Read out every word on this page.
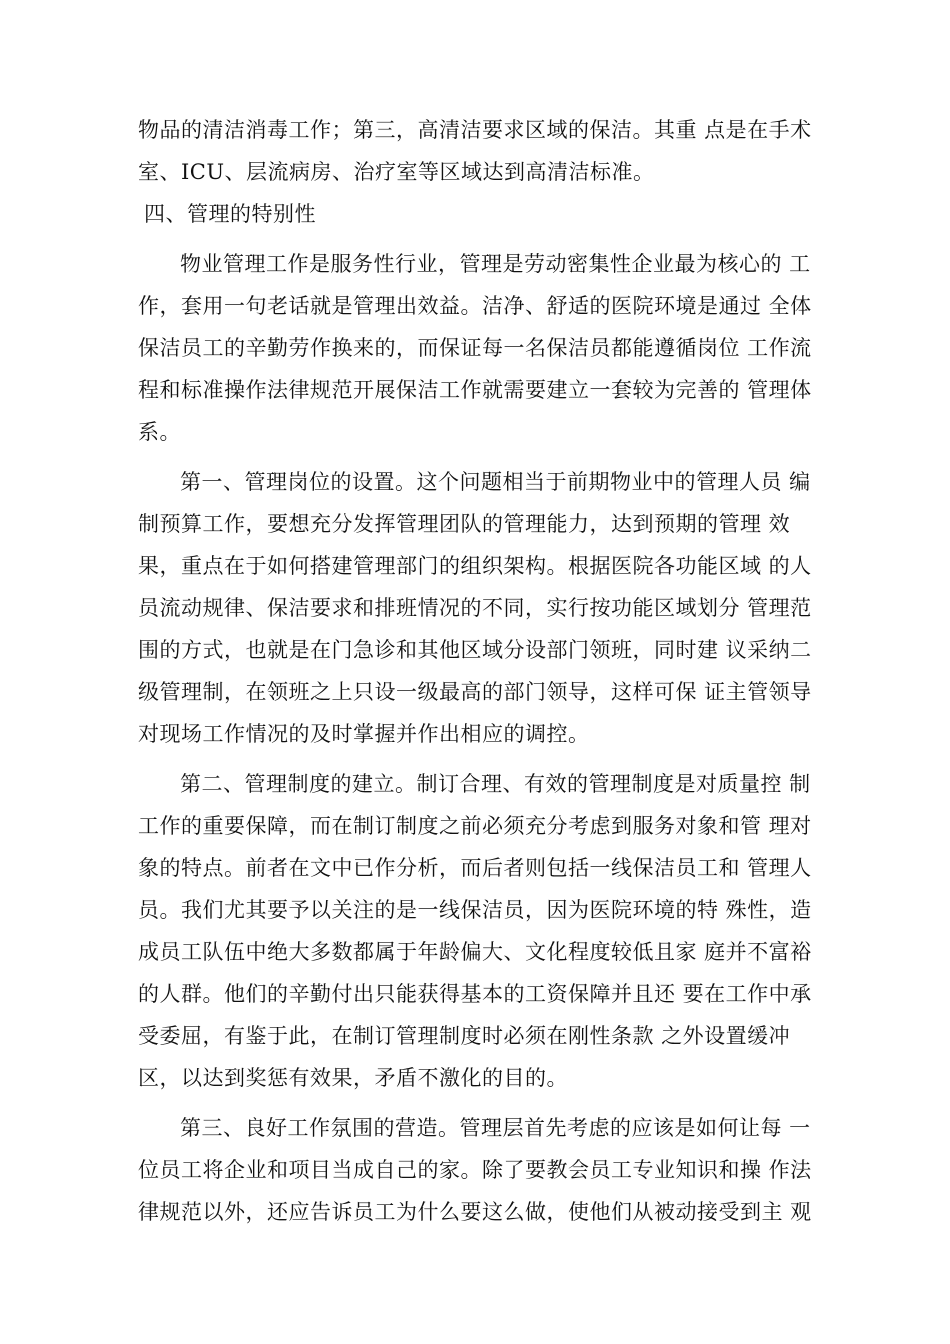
物品的清洁消毒工作；第三，高清洁要求区域的保洁。其重 点是在手术
室、ICU、层流病房、治疗室等区域达到高清洁标准。
四、管理的特别性
物业管理工作是服务性行业，管理是劳动密集性企业最为核心的 工
作，套用一句老话就是管理出效益。洁净、舒适的医院环境是通过 全体
保洁员工的辛勤劳作换来的，而保证每一名保洁员都能遵循岗位 工作流
程和标准操作法律规范开展保洁工作就需要建立一套较为完善的 管理体
系。
第一、管理岗位的设置。这个问题相当于前期物业中的管理人员 编
制预算工作，要想充分发挥管理团队的管理能力，达到预期的管理 效
果，重点在于如何搭建管理部门的组织架构。根据医院各功能区域 的人
员流动规律、保洁要求和排班情况的不同，实行按功能区域划分 管理范
围的方式，也就是在门急诊和其他区域分设部门领班，同时建 议采纳二
级管理制，在领班之上只设一级最高的部门领导，这样可保 证主管领导
对现场工作情况的及时掌握并作出相应的调控。
第二、管理制度的建立。制订合理、有效的管理制度是对质量控 制
工作的重要保障，而在制订制度之前必须充分考虑到服务对象和管 理对
象的特点。前者在文中已作分析，而后者则包括一线保洁员工和 管理人
员。我们尤其要予以关注的是一线保洁员，因为医院环境的特 殊性，造
成员工队伍中绝大多数都属于年龄偏大、文化程度较低且家 庭并不富裕
的人群。他们的辛勤付出只能获得基本的工资保障并且还 要在工作中承
受委屈，有鉴于此，在制订管理制度时必须在刚性条款 之外设置缓冲
区，以达到奖惩有效果，矛盾不激化的目的。
第三、良好工作氛围的营造。管理层首先考虑的应该是如何让每 一
位员工将企业和项目当成自己的家。除了要教会员工专业知识和操 作法
律规范以外，还应告诉员工为什么要这么做，使他们从被动接受到主 观
